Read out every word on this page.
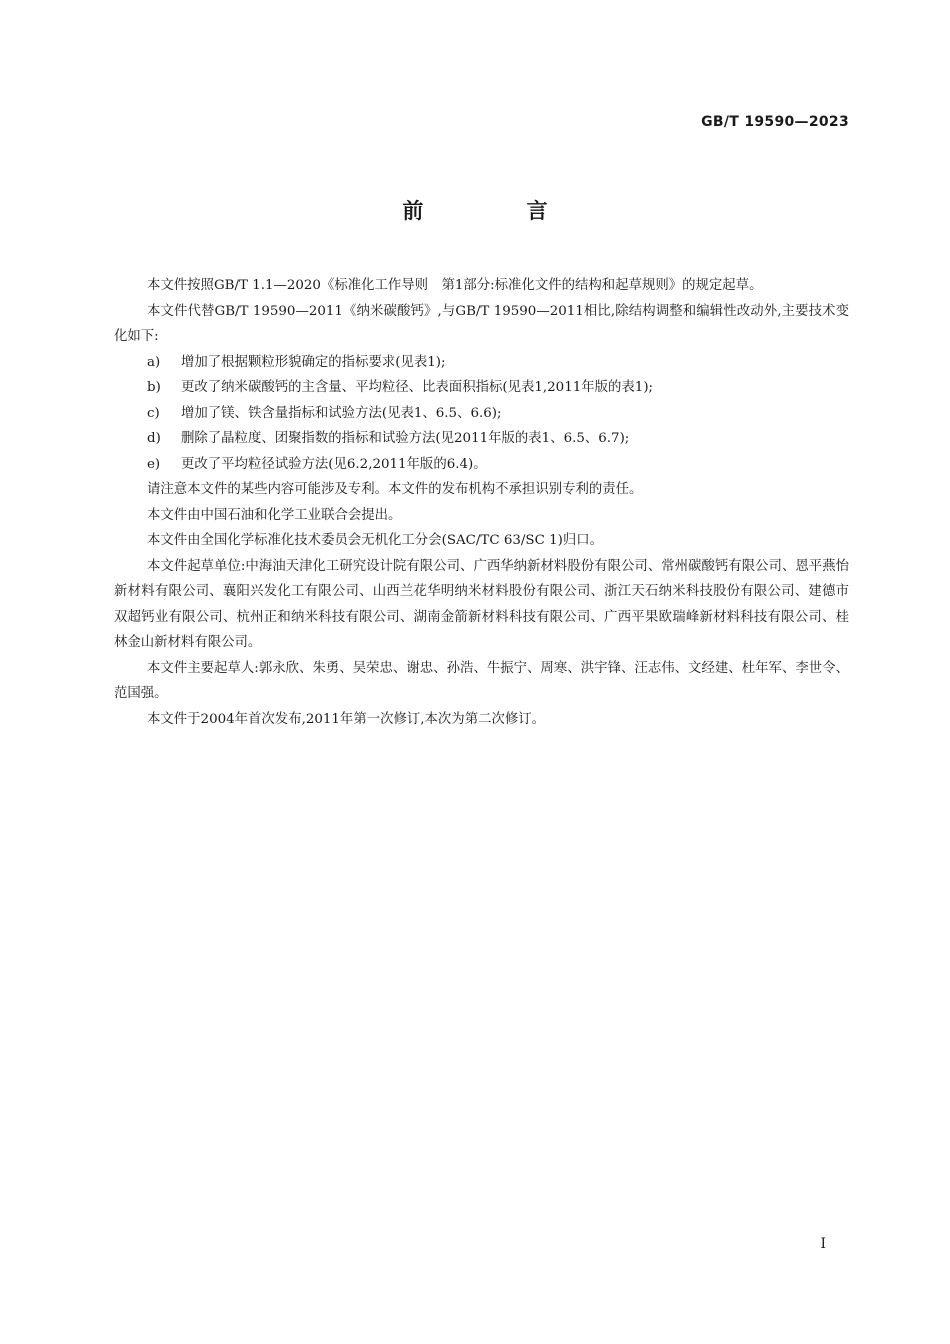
GB/T 19590—2023
前 言

本文件按照GB/T 1.1—2020《标准化工作导则　第1部分:标准化文件的结构和起草规则》的规定起草。

本文件代替GB/T 19590—2011《纳米碳酸钙》,与GB/T 19590—2011相比,除结构调整和编辑性改动外,主要技术变化如下:

a) 增加了根据颗粒形貌确定的指标要求(见表1);

b) 更改了纳米碳酸钙的主含量、平均粒径、比表面积指标(见表1,2011年版的表1);

c) 增加了镁、铁含量指标和试验方法(见表1、6.5、6.6);

d) 删除了晶粒度、团聚指数的指标和试验方法(见2011年版的表1、6.5、6.7);

e) 更改了平均粒径试验方法(见6.2,2011年版的6.4)。

请注意本文件的某些内容可能涉及专利。本文件的发布机构不承担识别专利的责任。

本文件由中国石油和化学工业联合会提出。

本文件由全国化学标准化技术委员会无机化工分会(SAC/TC 63/SC 1)归口。

本文件起草单位:中海油天津化工研究设计院有限公司、广西华纳新材料股份有限公司、常州碳酸钙有限公司、恩平燕怡新材料有限公司、襄阳兴发化工有限公司、山西兰花华明纳米材料股份有限公司、浙江天石纳米科技股份有限公司、建德市双超钙业有限公司、杭州正和纳米科技有限公司、湖南金箭新材料科技有限公司、广西平果欧瑞峰新材料科技有限公司、桂林金山新材料有限公司。

本文件主要起草人:郭永欣、朱勇、吴荣忠、谢忠、孙浩、牛振宁、周寒、洪宇锋、汪志伟、文经建、杜年军、李世令、范国强。

本文件于2004年首次发布,2011年第一次修订,本次为第二次修订。

I
